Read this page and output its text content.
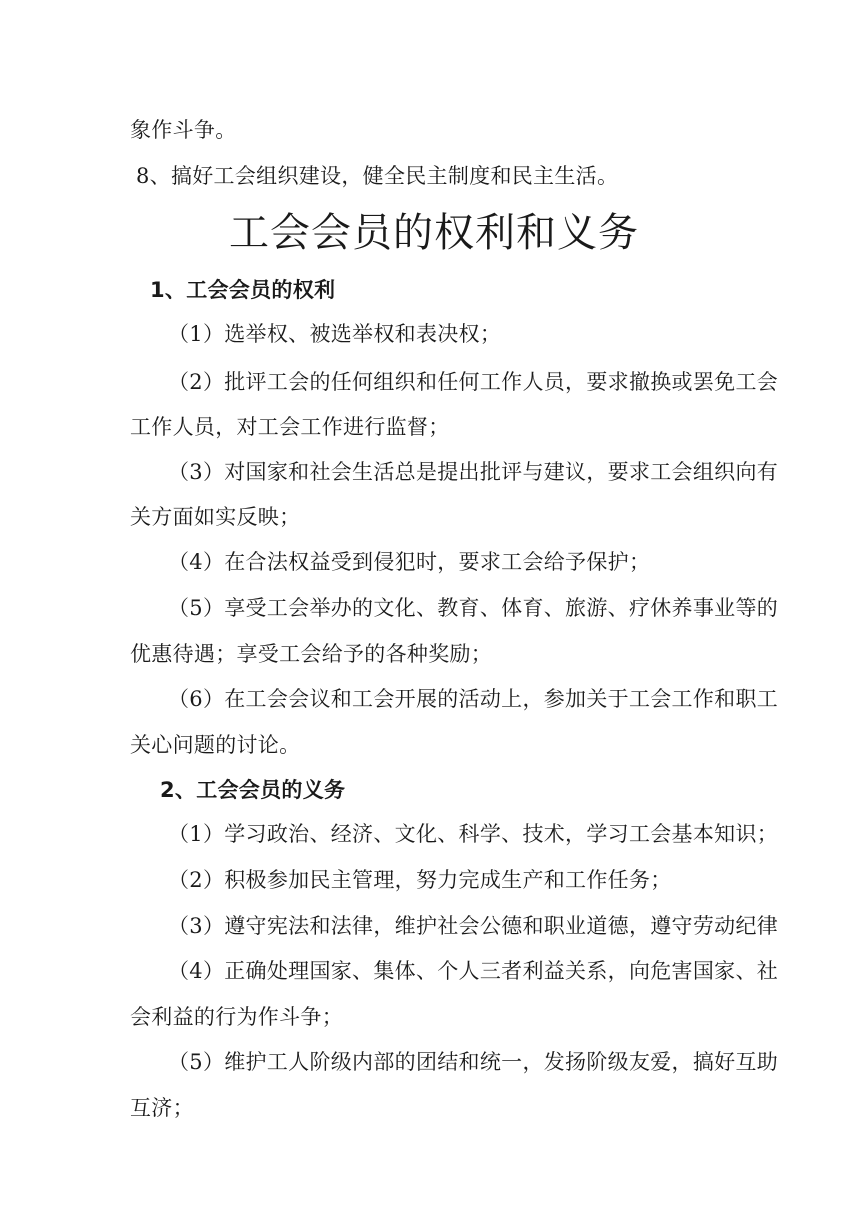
象作斗争。
8、搞好工会组织建设，健全民主制度和民主生活。
工会会员的权利和义务
1、工会会员的权利
（1）选举权、被选举权和表决权；
（2）批评工会的任何组织和任何工作人员，要求撤换或罢免工会
工作人员，对工会工作进行监督；
（3）对国家和社会生活总是提出批评与建议，要求工会组织向有
关方面如实反映；
（4）在合法权益受到侵犯时，要求工会给予保护；
（5）享受工会举办的文化、教育、体育、旅游、疗休养事业等的
优惠待遇；享受工会给予的各种奖励；
（6）在工会会议和工会开展的活动上，参加关于工会工作和职工
关心问题的讨论。
2、工会会员的义务
（1）学习政治、经济、文化、科学、技术，学习工会基本知识；
（2）积极参加民主管理，努力完成生产和工作任务；
（3）遵守宪法和法律，维护社会公德和职业道德，遵守劳动纪律
（4）正确处理国家、集体、个人三者利益关系，向危害国家、社
会利益的行为作斗争；
（5）维护工人阶级内部的团结和统一，发扬阶级友爱，搞好互助
互济；
